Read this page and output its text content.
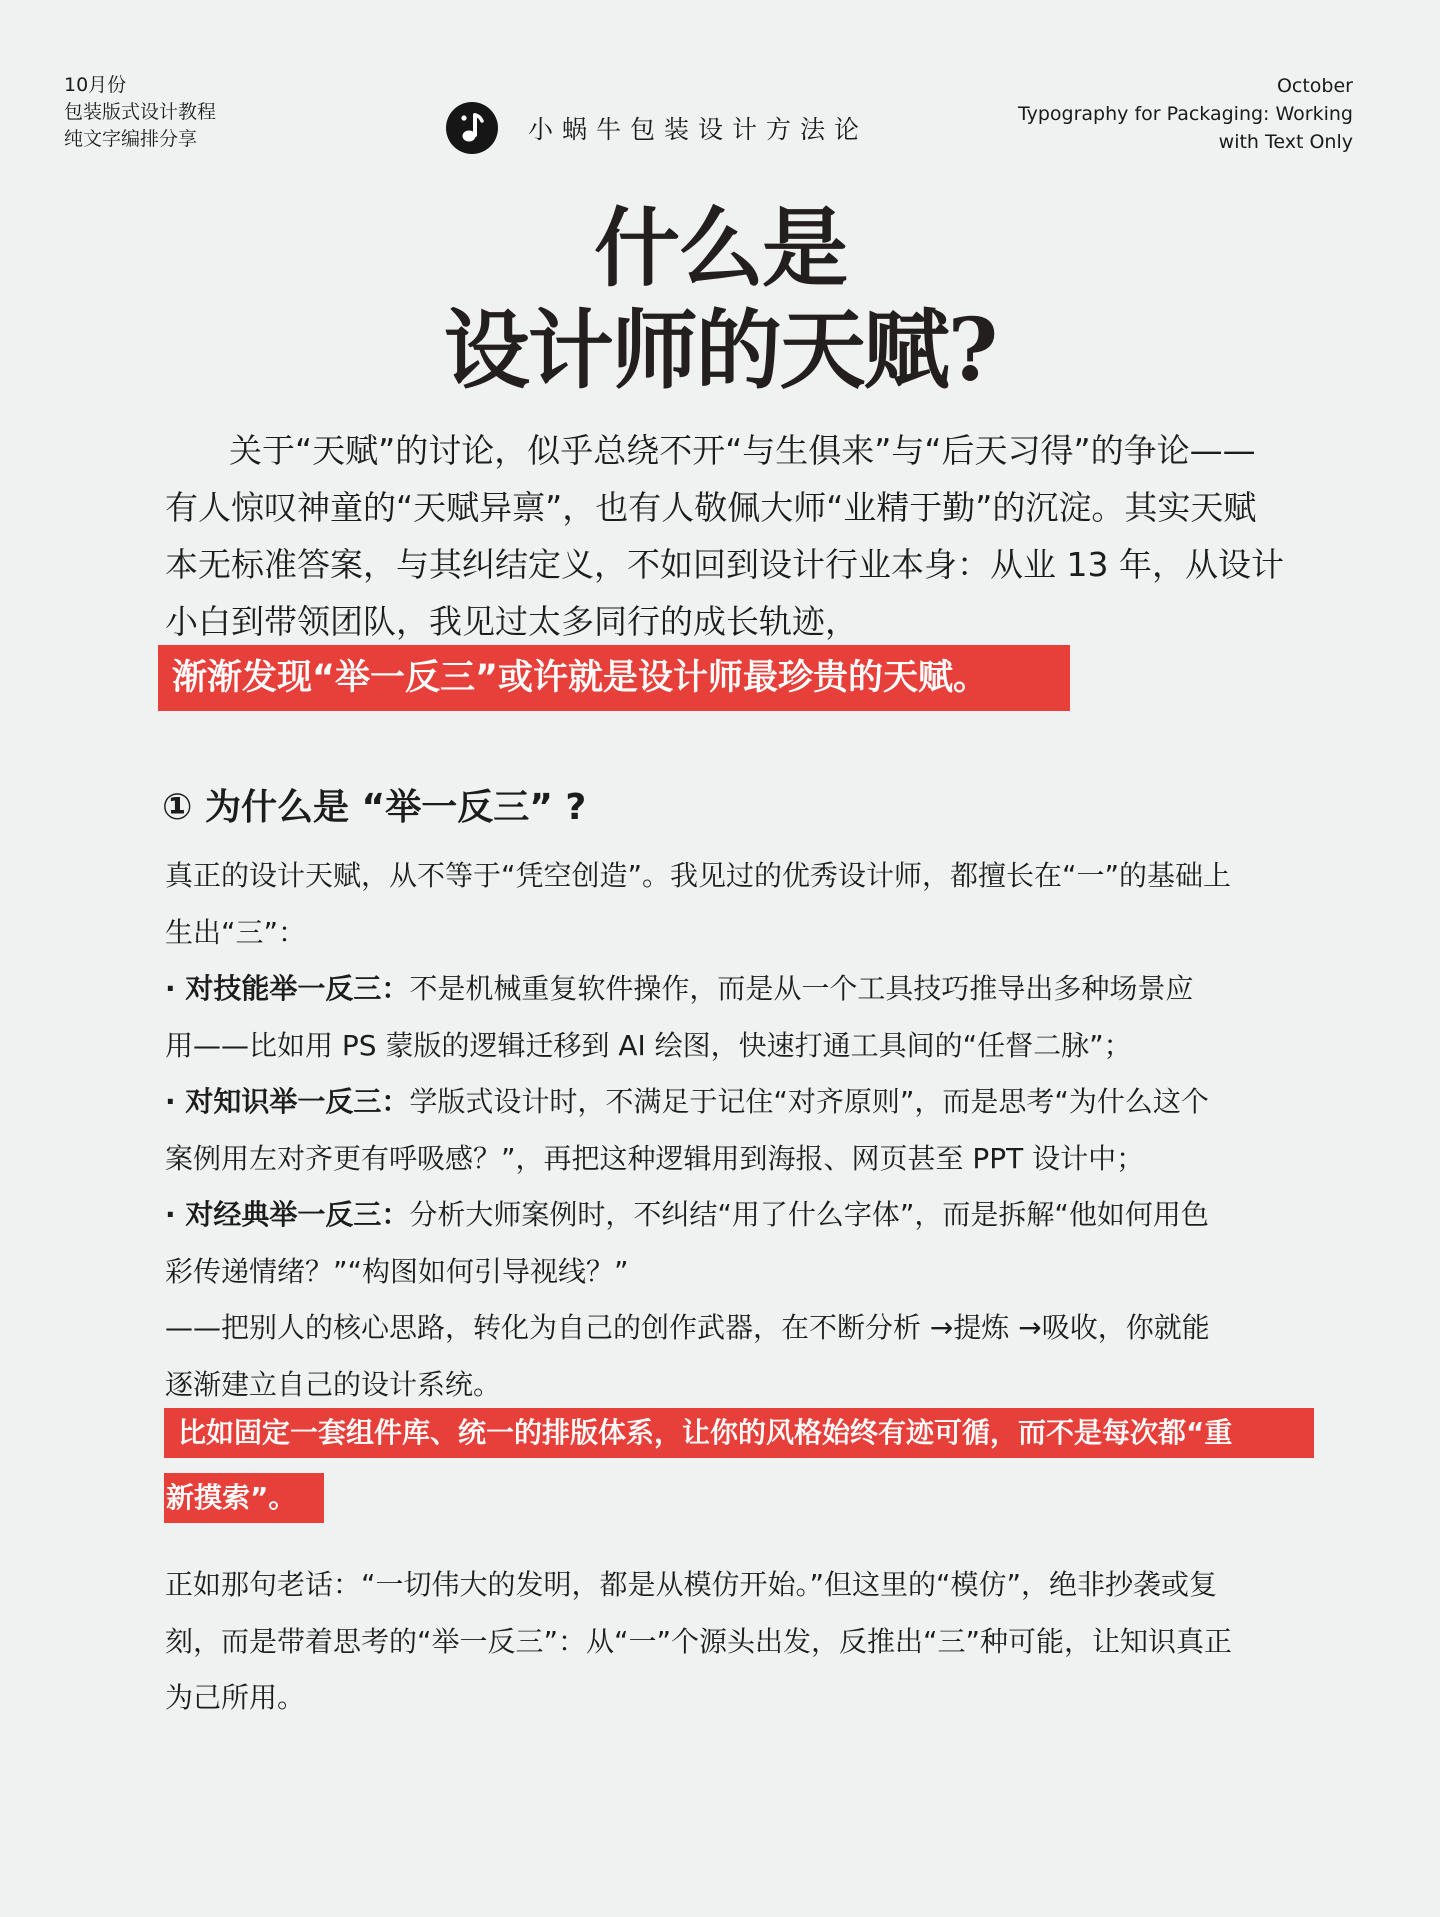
10月份
包装版式设计教程
纯文字编排分享	小蜗牛包装设计方法论
October
Typography for Packaging: Working
with Text Only
什么是
设计师的天赋?
关于“天赋”的讨论，似乎总绕不开“与生俱来”与“后天习得”的争论——
有人惊叹神童的“天赋异禀”，也有人敬佩大师“业精于勤”的沉淀。其实天赋
本无标准答案，与其纠结定义，不如回到设计行业本身：从业 13 年，从设计
小白到带领团队，我见过太多同行的成长轨迹，
渐渐发现“举一反三”或许就是设计师最珍贵的天赋。
① 为什么是 “举一反三” ?
真正的设计天赋，从不等于“凭空创造”。我见过的优秀设计师，都擅长在“一”的基础上
生出“三”：
· 对技能举一反三：不是机械重复软件操作，而是从一个工具技巧推导出多种场景应
用——比如用 PS 蒙版的逻辑迁移到 AI 绘图，快速打通工具间的“任督二脉”；
· 对知识举一反三：学版式设计时，不满足于记住“对齐原则”，而是思考“为什么这个
案例用左对齐更有呼吸感？”，再把这种逻辑用到海报、网页甚至 PPT 设计中；
· 对经典举一反三：分析大师案例时，不纠结“用了什么字体”，而是拆解“他如何用色
彩传递情绪？”“构图如何引导视线？”
——把别人的核心思路，转化为自己的创作武器，在不断分析 →提炼 →吸收，你就能
逐渐建立自己的设计系统。
比如固定一套组件库、统一的排版体系，让你的风格始终有迹可循，而不是每次都“重
新摸索”。
正如那句老话：“一切伟大的发明，都是从模仿开始。”但这里的“模仿”，绝非抄袭或复
刻，而是带着思考的“举一反三”：从“一”个源头出发，反推出“三”种可能，让知识真正
为己所用。
